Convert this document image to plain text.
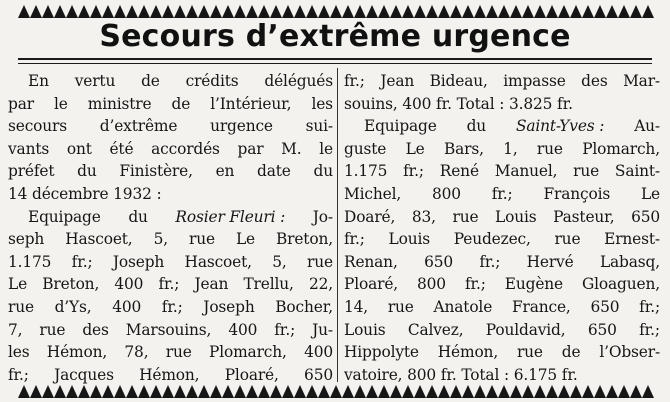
Secours d’extrême urgence
En vertu de crédits délégués
par le ministre de l’Intérieur, les
secours d’extrême urgence sui-
vants ont été accordés par M. le
préfet du Finistère, en date du
14 décembre 1932 :
Equipage du Rosier Fleuri : Jo-
seph Hascoet, 5, rue Le Breton,
1.175 fr.; Joseph Hascoet, 5, rue
Le Breton, 400 fr.; Jean Trellu, 22,
rue d’Ys, 400 fr.; Joseph Bocher,
7, rue des Marsouins, 400 fr.; Ju-
les Hémon, 78, rue Plomarch, 400
fr.; Jacques Hémon, Ploaré, 650
fr.; Jean Bideau, impasse des Mar-
souins, 400 fr. Total : 3.825 fr.
Equipage du Saint-Yves : Au-
guste Le Bars, 1, rue Plomarch,
1.175 fr.; René Manuel, rue Saint-
Michel, 800 fr.; François Le
Doaré, 83, rue Louis Pasteur, 650
fr.; Louis Peudezec, rue Ernest-
Renan, 650 fr.; Hervé Labasq,
Ploaré, 800 fr.; Eugène Gloaguen,
14, rue Anatole France, 650 fr.;
Louis Calvez, Pouldavid, 650 fr.;
Hippolyte Hémon, rue de l’Obser-
vatoire, 800 fr. Total : 6.175 fr.
